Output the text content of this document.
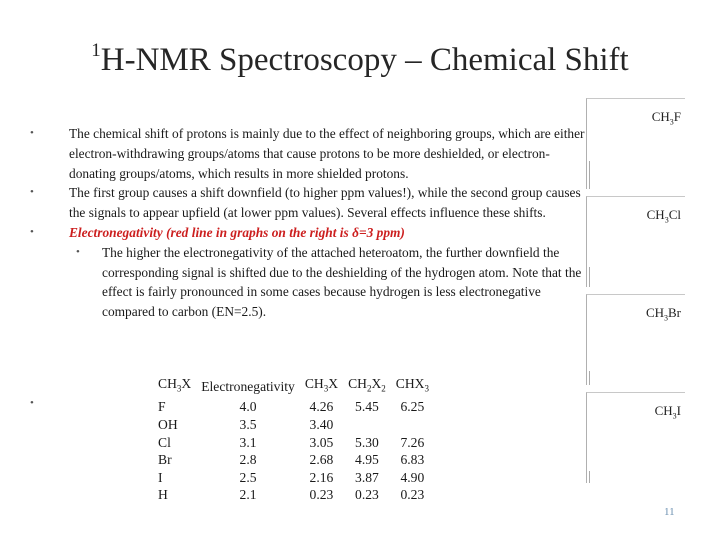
$^1$H-NMR Spectroscopy – Chemical Shift
•	The chemical shift of protons is mainly due to the effect of neighboring groups, which are either electron-withdrawing groups/atoms that cause protons to be more deshielded, or electron-donating groups/atoms, which results in more shielded protons.
•	The first group causes a shift downfield (to higher ppm values!), while the second group causes the signals to appear upfield (at lower ppm values). Several effects influence these shifts.
•	Electronegativity (red line in graphs on the right is δ=3 ppm)
• The higher the electronegativity of the attached heteroatom, the further downfield the corresponding signal is shifted due to the deshielding of the hydrogen atom. Note that the effect is fairly pronounced in some cases because hydrogen is less electronegative compared to carbon (EN=2.5).
•
$CH_3X$	Electronegativity	$CH_3X$	$CH_2X_2$	$CHX_3$
F	4.0	4.26	5.45	6.25
OH	3.5	3.40		
Cl	3.1	3.05	5.30	7.26
Br	2.8	2.68	4.95	6.83
I	2.5	2.16	3.87	4.90
H	2.1	0.23	0.23	0.23
$CH_3F$
$CH_3Cl$
$CH_3Br$
$CH_3I$
11
